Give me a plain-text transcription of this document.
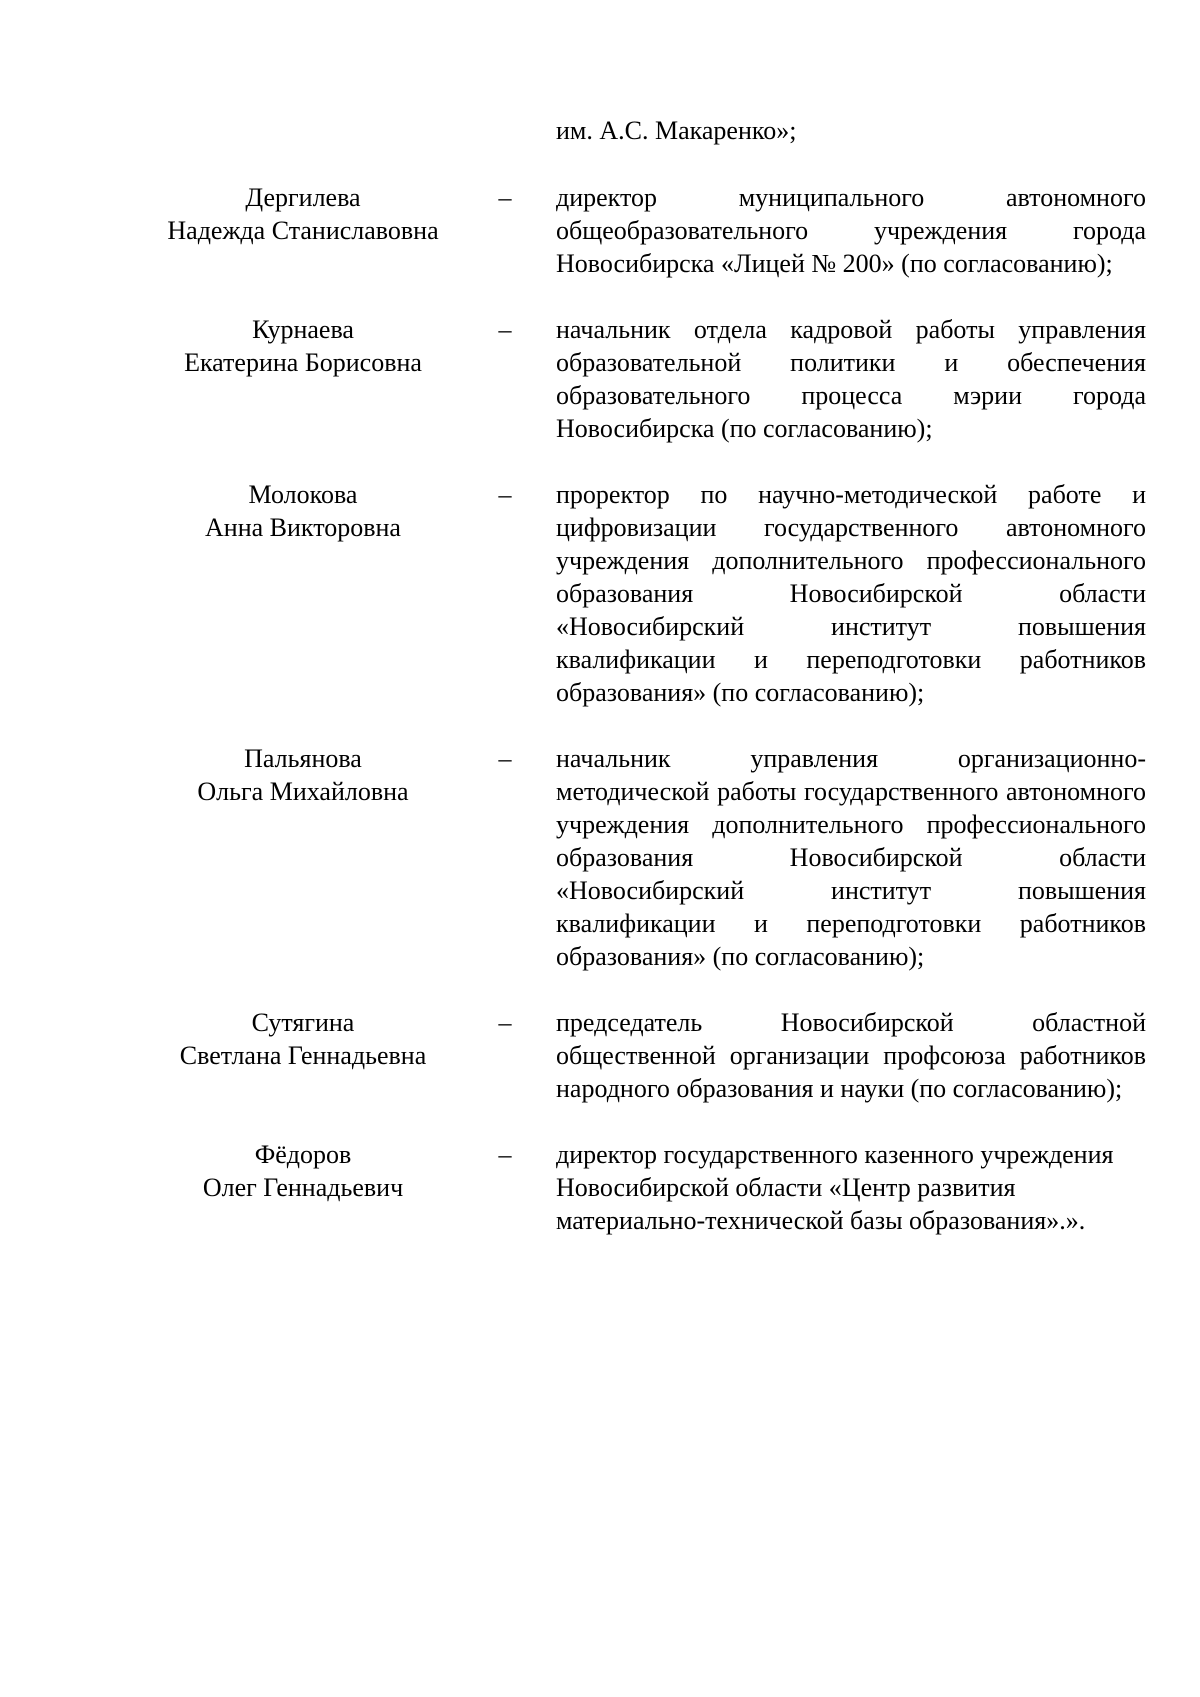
им. А.С. Макаренко»;
Дергилева
Надежда Станиславовна
– директор муниципального автономного общеобразовательного учреждения города Новосибирска «Лицей № 200» (по согласованию);
Курнаева
Екатерина Борисовна
– начальник отдела кадровой работы управления образовательной политики и обеспечения образовательного процесса мэрии города Новосибирска (по согласованию);
Молокова
Анна Викторовна
– проректор по научно-методической работе и цифровизации государственного автономного учреждения дополнительного профессионального образования Новосибирской области «Новосибирский институт повышения квалификации и переподготовки работников образования» (по согласованию);
Пальянова
Ольга Михайловна
– начальник управления организационно-методической работы государственного автономного учреждения дополнительного профессионального образования Новосибирской области «Новосибирский институт повышения квалификации и переподготовки работников образования» (по согласованию);
Сутягина
Светлана Геннадьевна
– председатель Новосибирской областной общественной организации профсоюза работников народного образования и науки (по согласованию);
Фёдоров
Олег Геннадьевич
– директор государственного казенного учреждения Новосибирской области «Центр развития материально-технической базы образования».».
